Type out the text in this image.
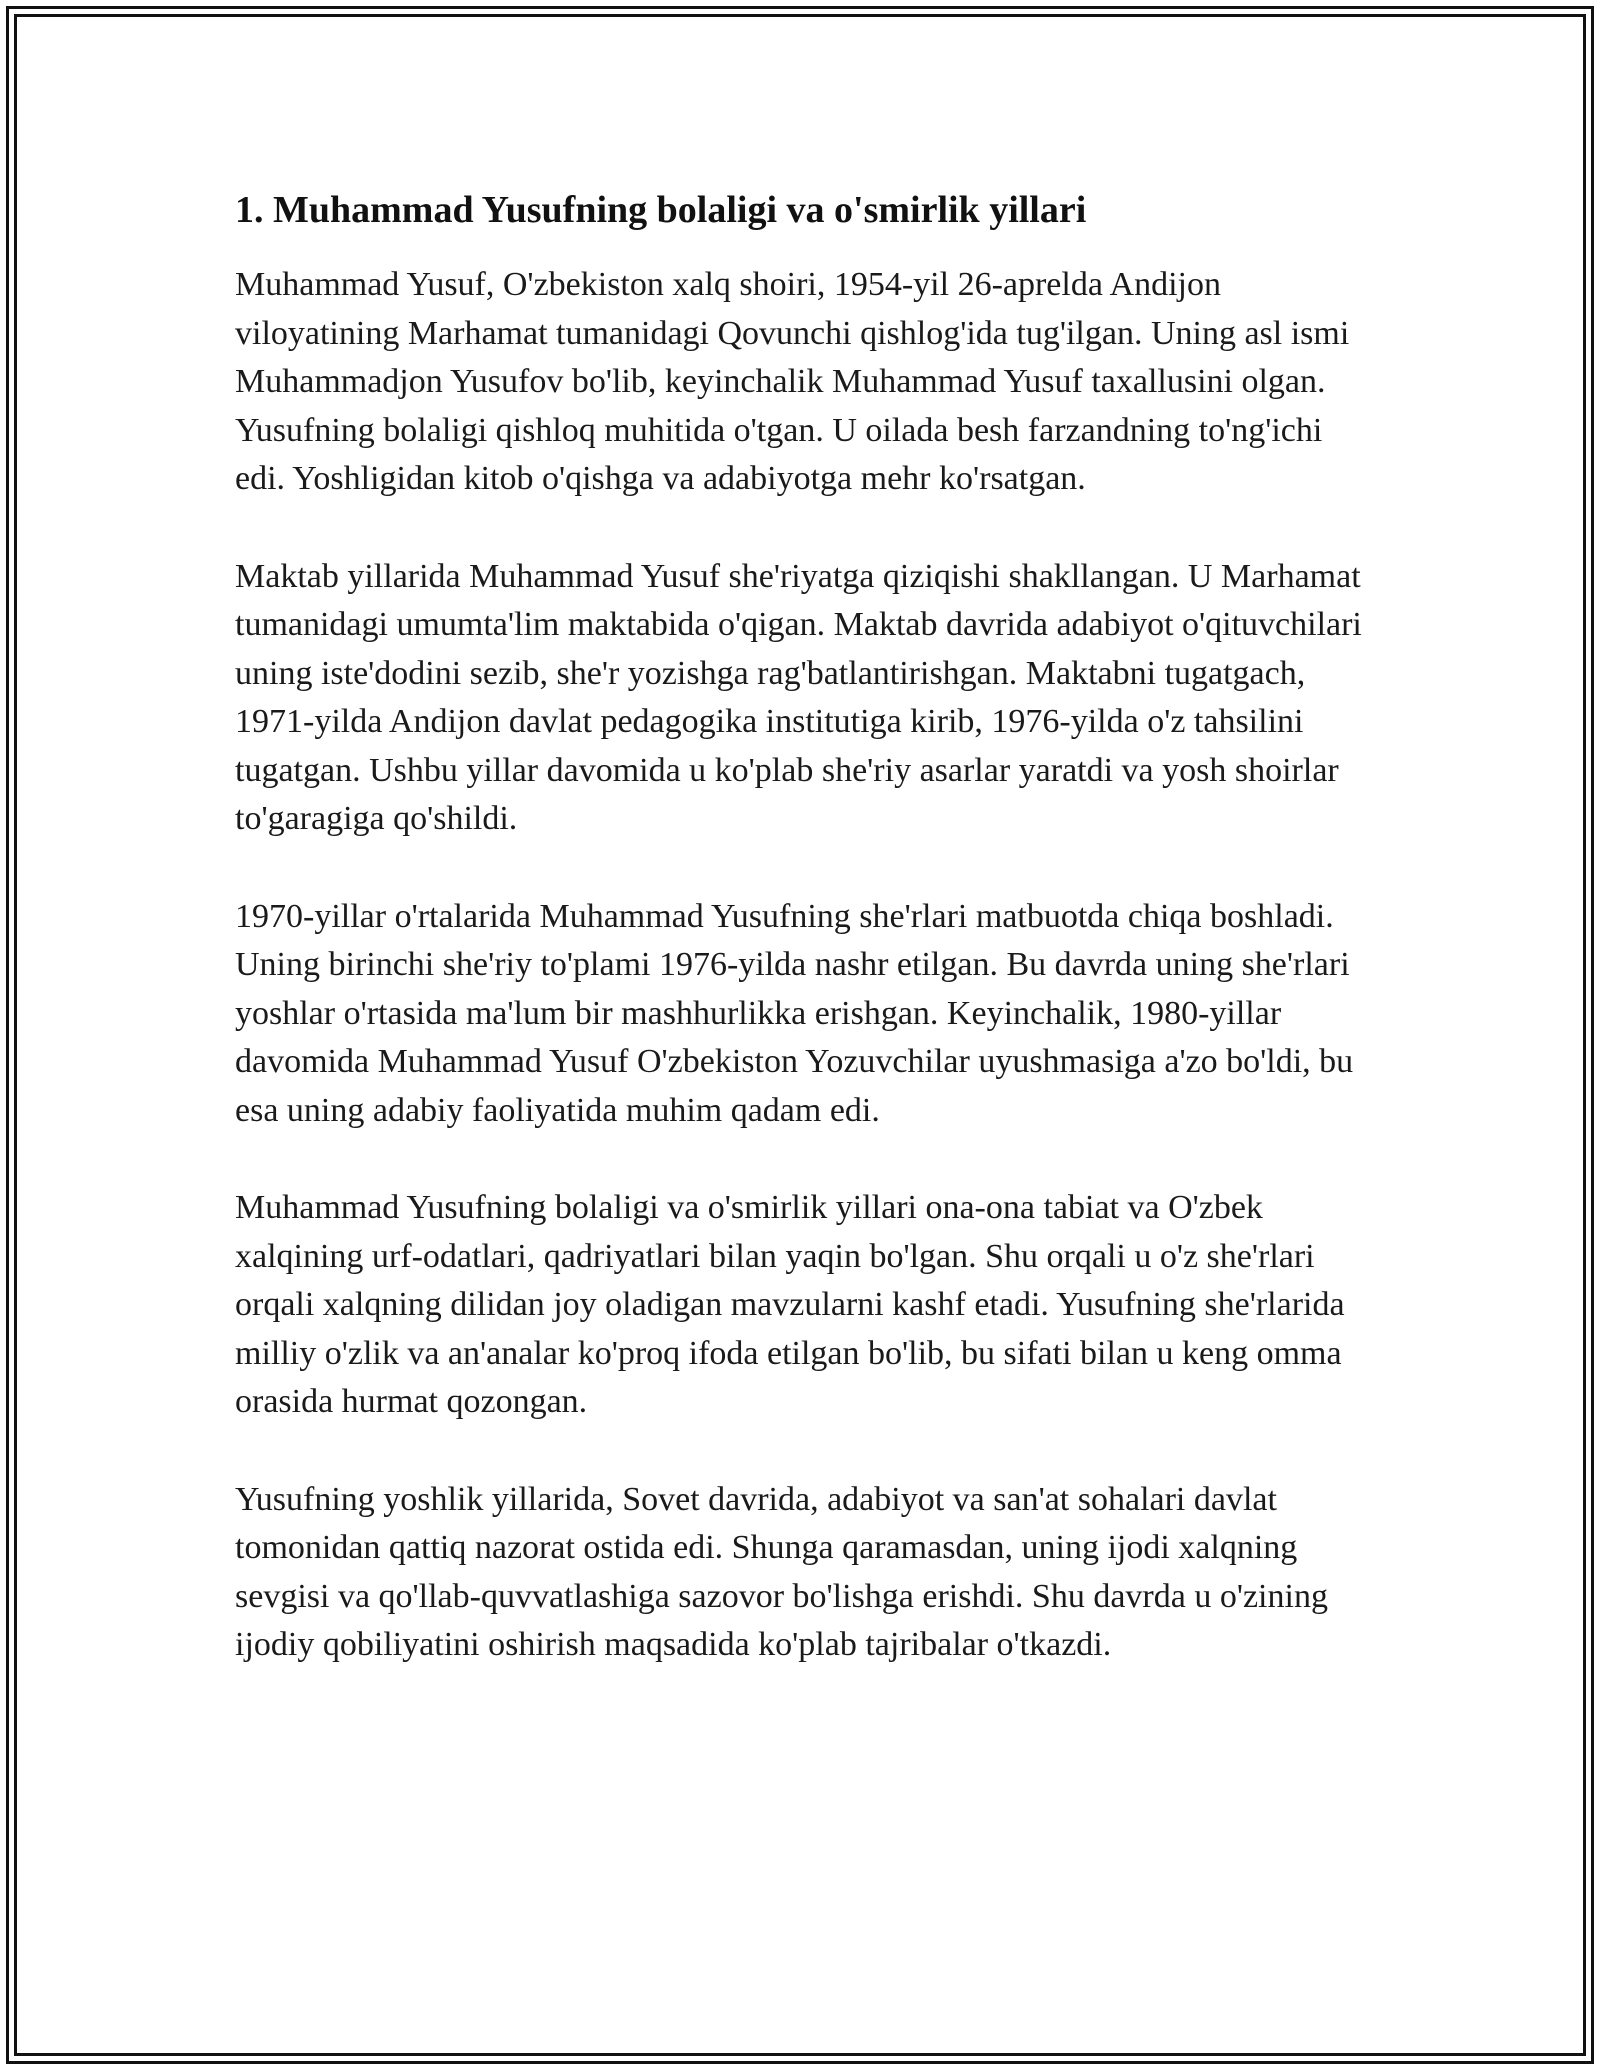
1. Muhammad Yusufning bolaligi va o'smirlik yillari

Muhammad Yusuf, O'zbekiston xalq shoiri, 1954-yil 26-aprelda Andijon viloyatining Marhamat tumanidagi Qovunchi qishlog'ida tug'ilgan. Uning asl ismi Muhammadjon Yusufov bo'lib, keyinchalik Muhammad Yusuf taxallusini olgan. Yusufning bolaligi qishloq muhitida o'tgan. U oilada besh farzandning to'ng'ichi edi. Yoshligidan kitob o'qishga va adabiyotga mehr ko'rsatgan.

Maktab yillarida Muhammad Yusuf she'riyatga qiziqishi shakllangan. U Marhamat tumanidagi umumta'lim maktabida o'qigan. Maktab davrida adabiyot o'qituvchilari uning iste'dodini sezib, she'r yozishga rag'batlantirishgan. Maktabni tugatgach, 1971-yilda Andijon davlat pedagogika institutiga kirib, 1976-yilda o'z tahsilini tugatgan. Ushbu yillar davomida u ko'plab she'riy asarlar yaratdi va yosh shoirlar to'garagiga qo'shildi.

1970-yillar o'rtalarida Muhammad Yusufning she'rlari matbuotda chiqa boshladi. Uning birinchi she'riy to'plami 1976-yilda nashr etilgan. Bu davrda uning she'rlari yoshlar o'rtasida ma'lum bir mashhurlikka erishgan. Keyinchalik, 1980-yillar davomida Muhammad Yusuf O'zbekiston Yozuvchilar uyushmasiga a'zo bo'ldi, bu esa uning adabiy faoliyatida muhim qadam edi.

Muhammad Yusufning bolaligi va o'smirlik yillari ona-ona tabiat va O'zbek xalqining urf-odatlari, qadriyatlari bilan yaqin bo'lgan. Shu orqali u o'z she'rlari orqali xalqning dilidan joy oladigan mavzularni kashf etadi. Yusufning she'rlarida milliy o'zlik va an'analar ko'proq ifoda etilgan bo'lib, bu sifati bilan u keng omma orasida hurmat qozongan.

Yusufning yoshlik yillarida, Sovet davrida, adabiyot va san'at sohalari davlat tomonidan qattiq nazorat ostida edi. Shunga qaramasdan, uning ijodi xalqning sevgisi va qo'llab-quvvatlashiga sazovor bo'lishga erishdi. Shu davrda u o'zining ijodiy qobiliyatini oshirish maqsadida ko'plab tajribalar o'tkazdi.
